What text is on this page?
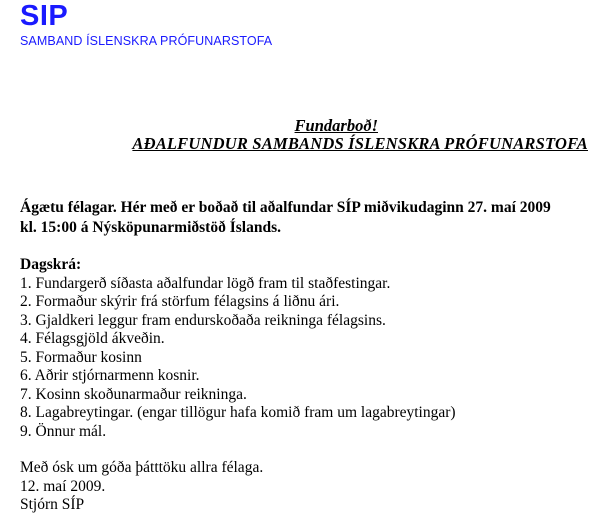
SIP
SAMBAND ÍSLENSKRA PRÓFUNARSTOFA
Fundarboð!
AÐALFUNDUR SAMBANDS ÍSLENSKRA PRÓFUNARSTOFA
Ágætu félagar. Hér með er boðað til aðalfundar SÍP miðvikudaginn 27. maí 2009
kl. 15:00 á Nýsköpunarmiðstöð Íslands.
Dagskrá:
1. Fundargerð síðasta aðalfundar lögð fram til staðfestingar.
2. Formaður skýrir frá störfum félagsins á liðnu ári.
3. Gjaldkeri leggur fram endurskoðaða reikninga félagsins.
4. Félagsgjöld ákveðin.
5. Formaður kosinn
6. Aðrir stjórnarmenn kosnir.
7. Kosinn skoðunarmaður reikninga.
8. Lagabreytingar. (engar tillögur hafa komið fram um lagabreytingar)
9. Önnur mál.
Með ósk um góða þátttöku allra félaga.
12. maí 2009.
Stjórn SÍP
